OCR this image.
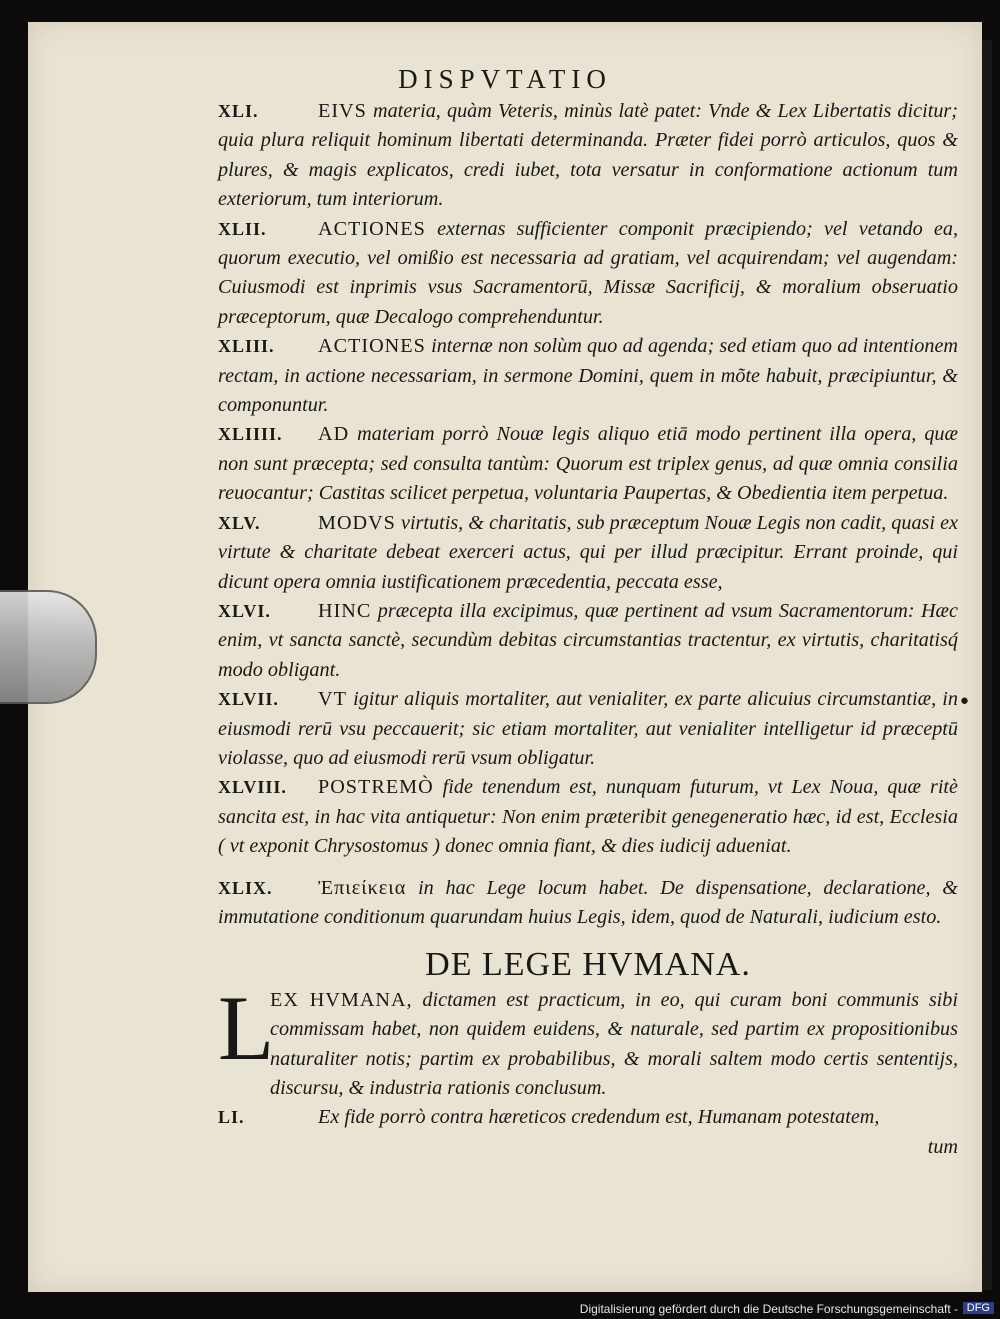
DISPVTATIO

XLI.	EIVS materia, quàm Veteris, minùs latè patet: Vnde & Lex Libertatis dicitur; quia plura reliquit hominum libertati determinanda. Præter fidei porrò articulos, quos & plures, & magis explicatos, credi iubet, tota versatur in conformatione actionum tum exteriorum, tum interiorum.

XLII.	ACTIONES externas sufficienter componit præcipiendo; vel vetando ea, quorum executio, vel omißio est necessaria ad gratiam, vel acquirendam; vel augendam: Cuiusmodi est inprimis vsus Sacramentorū, Missæ Sacrificij, & moralium obseruatio præceptorum, quæ Decalogo comprehenduntur.

XLIII. ACTIONES internæ non solùm quo ad agenda; sed etiam quo ad intentionem rectam, in actione necessariam, in sermone Domini, quem in mõte habuit, præcipiuntur, & componuntur.

XLIIII. AD materiam porrò Nouæ legis aliquo etiā modo pertinent illa opera, quæ non sunt præcepta; sed consulta tantùm: Quorum est triplex genus, ad quæ omnia consilia reuocantur; Castitas scilicet perpetua, voluntaria Paupertas, & Obedientia item perpetua.

XLV.	MODVS virtutis, & charitatis, sub præceptum Nouæ Legis non cadit, quasi ex virtute & charitate debeat exerceri actus, qui per illud præcipitur. Errant proinde, qui dicunt opera omnia iustificationem præcedentia, peccata esse,

XLVI. HINC præcepta illa excipimus, quæ pertinent ad vsum Sacramentorum: Hæc enim, vt sancta sanctè, secundùm debitas circumstantias tractentur, ex virtutis, charitatisq́ modo obligant.

XLVII. VT igitur aliquis mortaliter, aut venialiter, ex parte alicuius circumstantiæ, in eiusmodi rerū vsu peccauerit; sic etiam mortaliter, aut venialiter intelligetur id præceptū violasse, quo ad eiusmodi rerū vsum obligatur.

XLVIII. POSTREMÒ fide tenendum est, nunquam futurum, vt Lex Noua, quæ ritè sancita est, in hac vita antiquetur: Non enim præteribit genegeneratio hæc, id est, Ecclesia ( vt exponit Chrysostomus ) donec omnia fiant, & dies iudicij adueniat.

XLIX. Ἐπιείκεια in hac Lege locum habet. De dispensatione, declaratione, & immutatione conditionum quarundam huius Legis, idem, quod de Naturali, iudicium esto.

DE LEGE HVMANA.

L
EX HVMANA, dictamen est practicum, in eo, qui curam boni communis sibi commissam habet, non quidem euidens, & naturale, sed partim ex propositionibus naturaliter notis; partim ex probabilibus, & morali saltem modo certis sententijs, discursu, & industria rationis conclusum.

LI.	Ex fide porrò contra hæreticos credendum est, Humanam potestatem,

tum

•
Digitalisierung gefördert durch die Deutsche Forschungsgemeinschaft - DFG
